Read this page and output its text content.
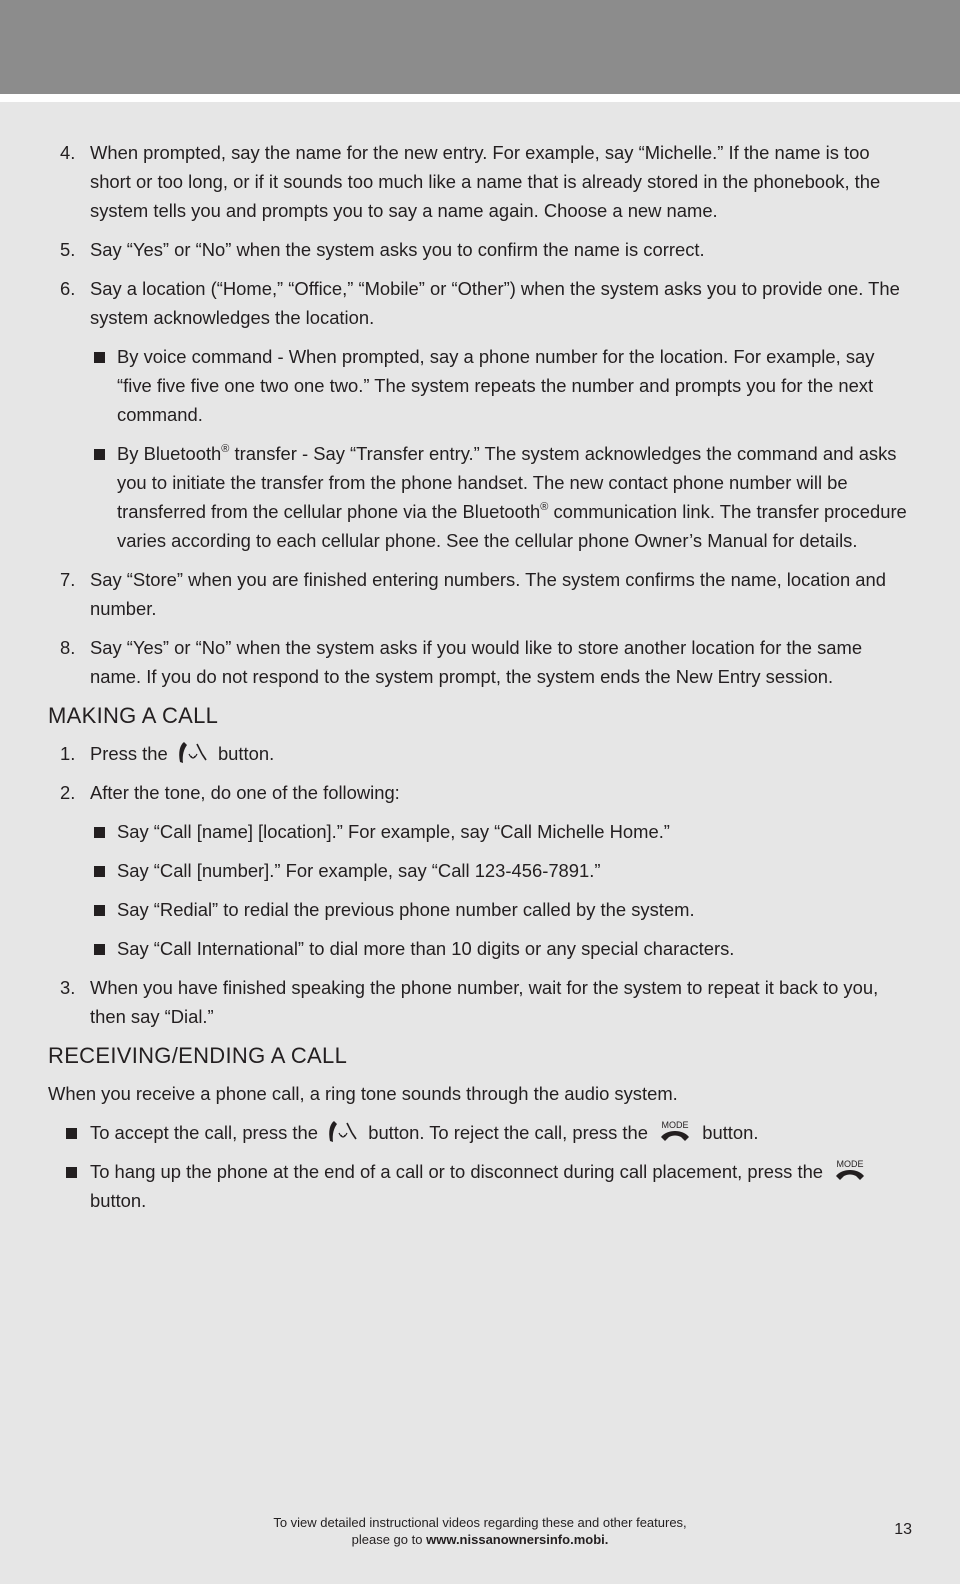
4. When prompted, say the name for the new entry. For example, say “Michelle.” If the name is too short or too long, or if it sounds too much like a name that is already stored in the phonebook, the system tells you and prompts you to say a name again. Choose a new name.
5. Say “Yes” or “No” when the system asks you to confirm the name is correct.
6. Say a location (“Home,” “Office,” “Mobile” or “Other”) when the system asks you to provide one. The system acknowledges the location.
By voice command - When prompted, say a phone number for the location. For example, say “five five five one two one two.” The system repeats the number and prompts you for the next command.
By Bluetooth® transfer - Say “Transfer entry.” The system acknowledges the command and asks you to initiate the transfer from the phone handset. The new contact phone number will be transferred from the cellular phone via the Bluetooth® communication link. The transfer procedure varies according to each cellular phone. See the cellular phone Owner’s Manual for details.
7. Say “Store” when you are finished entering numbers. The system confirms the name, location and number.
8. Say “Yes” or “No” when the system asks if you would like to store another location for the same name. If you do not respond to the system prompt, the system ends the New Entry session.
MAKING A CALL
1. Press the	button.
2. After the tone, do one of the following:
Say “Call [name] [location].” For example, say “Call Michelle Home.”
Say “Call [number].” For example, say “Call 123-456-7891.”
Say “Redial” to redial the previous phone number called by the system.
Say “Call International” to dial more than 10 digits or any special characters.
3. When you have finished speaking the phone number, wait for the system to repeat it back to you, then say “Dial.”
RECEIVING/ENDING A CALL
When you receive a phone call, a ring tone sounds through the audio system.
To accept the call, press the	button. To reject the call, press the MODE button.
To hang up the phone at the end of a call or to disconnect during call placement, press the MODE
button.
To view detailed instructional videos regarding these and other features,
please go to www.nissanownersinfo.mobi.
13
